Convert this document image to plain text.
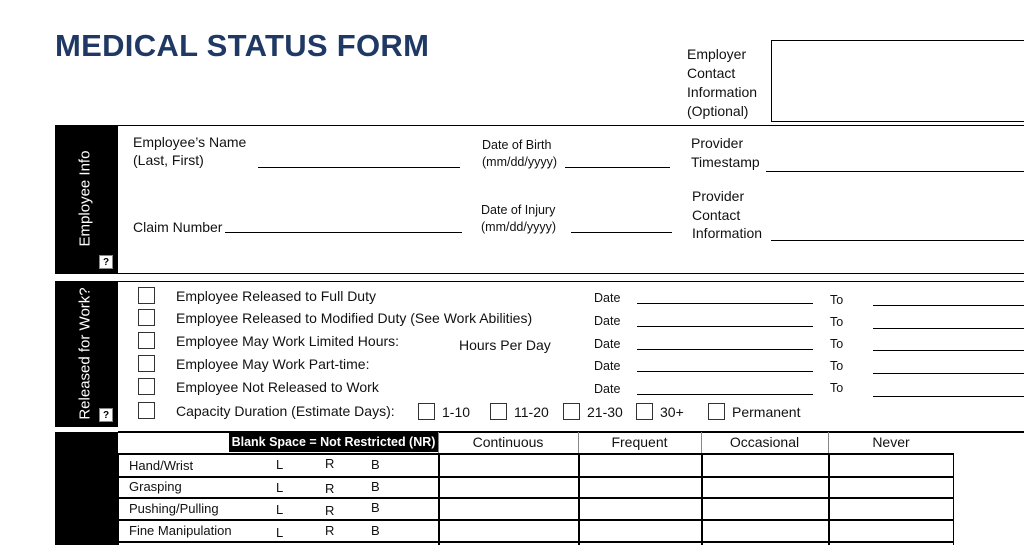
MEDICAL STATUS FORM	Employer
Contact
Information
(Optional)
Employee Info
?
Employee’s Name
(Last, First)
Date of Birth
(mm/dd/yyyy)
Provider
Timestamp
Claim Number
Date of Injury
(mm/dd/yyyy)
Provider
Contact
Information
Released for Work? ?
Employee Released to Full Duty	Date	To
Employee Released to Modified Duty (See Work Abilities)	Date	To
Employee May Work Limited Hours:	Hours Per Day	Date	To
Employee May Work Part-time:	Date	To
Employee Not Released to Work	Date	To
Capacity Duration (Estimate Days):	1-10	11-20	21-30	30+	Permanent
Blank Space = Not Restricted (NR)	Continuous	Frequent	Occasional	Never
Hand/Wrist	L	R	B
Grasping	L	R	B
Pushing/Pulling	L	R	B
Fine Manipulation	L	R	B
